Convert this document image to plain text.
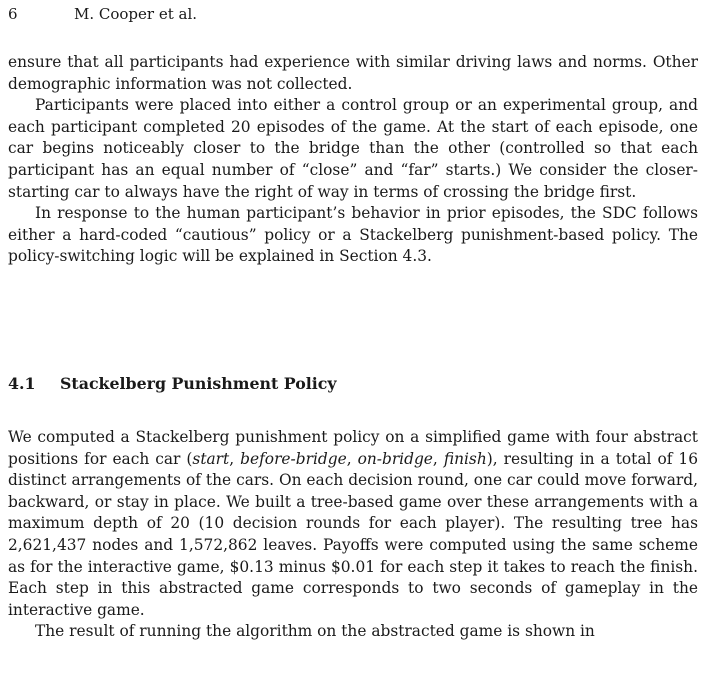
6	M. Cooper et al.

ensure that all participants had experience with similar driving laws and norms. Other demographic information was not collected.

Participants were placed into either a control group or an experimental group, and each participant completed 20 episodes of the game. At the start of each episode, one car begins noticeably closer to the bridge than the other (controlled so that each participant has an equal number of “close” and “far” starts.) We consider the closer-starting car to always have the right of way in terms of crossing the bridge first.

In response to the human participant’s behavior in prior episodes, the SDC follows either a hard-coded “cautious” policy or a Stackelberg punishment-based policy. The policy-switching logic will be explained in Section 4.3.

4.1 Stackelberg Punishment Policy

We computed a Stackelberg punishment policy on a simplified game with four abstract positions for each car (start, before-bridge, on-bridge, finish), resulting in a total of 16 distinct arrangements of the cars. On each decision round, one car could move forward, backward, or stay in place. We built a tree-based game over these arrangements with a maximum depth of 20 (10 decision rounds for each player). The resulting tree has 2,621,437 nodes and 1,572,862 leaves. Payoffs were computed using the same scheme as for the interactive game, $0.13 minus $0.01 for each step it takes to reach the finish. Each step in this abstracted game corresponds to two seconds of gameplay in the interactive game.

The result of running the algorithm on the abstracted game is shown in
